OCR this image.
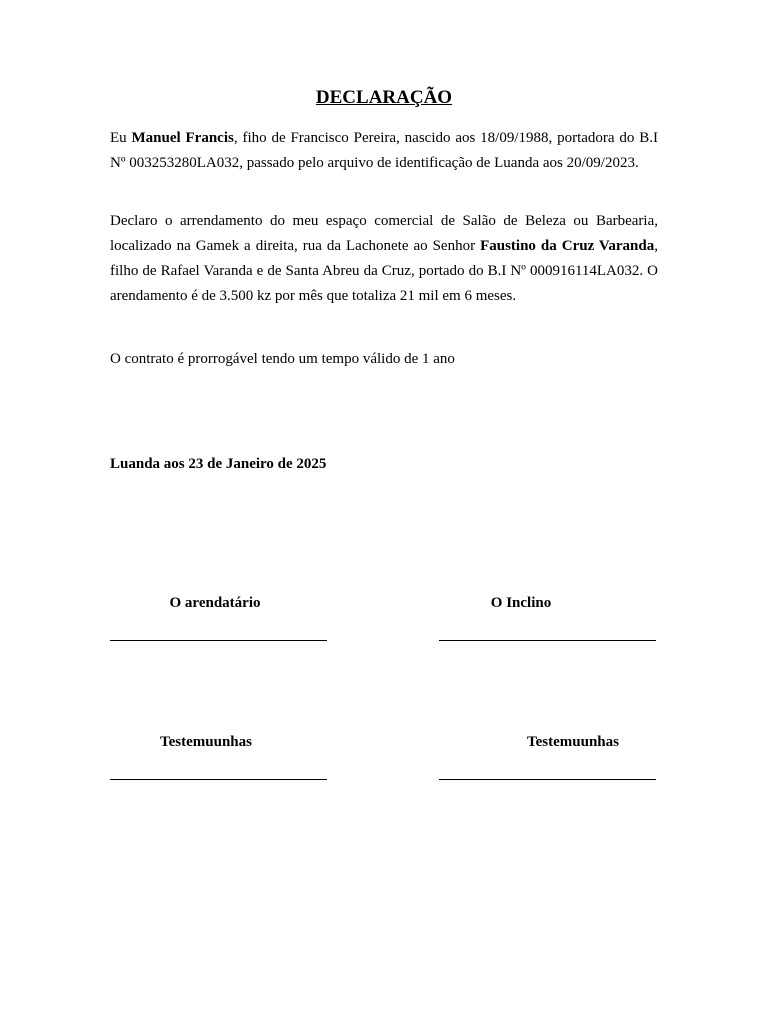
DECLARAÇÃO

Eu Manuel Francis, fiho de Francisco Pereira, nascido aos 18/09/1988, portadora do B.I Nº 003253280LA032, passado pelo arquivo de identificação de Luanda aos 20/09/2023.

Declaro o arrendamento do meu espaço comercial de Salão de Beleza ou Barbearia, localizado na Gamek a direita, rua da Lachonete ao Senhor Faustino da Cruz Varanda, filho de Rafael Varanda e de Santa Abreu da Cruz, portado do B.I Nº 000916114LA032. O arendamento é de 3.500 kz por mês que totaliza 21 mil em 6 meses.

O contrato é prorrogável tendo um tempo válido de 1 ano

Luanda aos 23 de Janeiro de 2025
O arendatário	O Inclino
Testemuunhas	Testemuunhas
